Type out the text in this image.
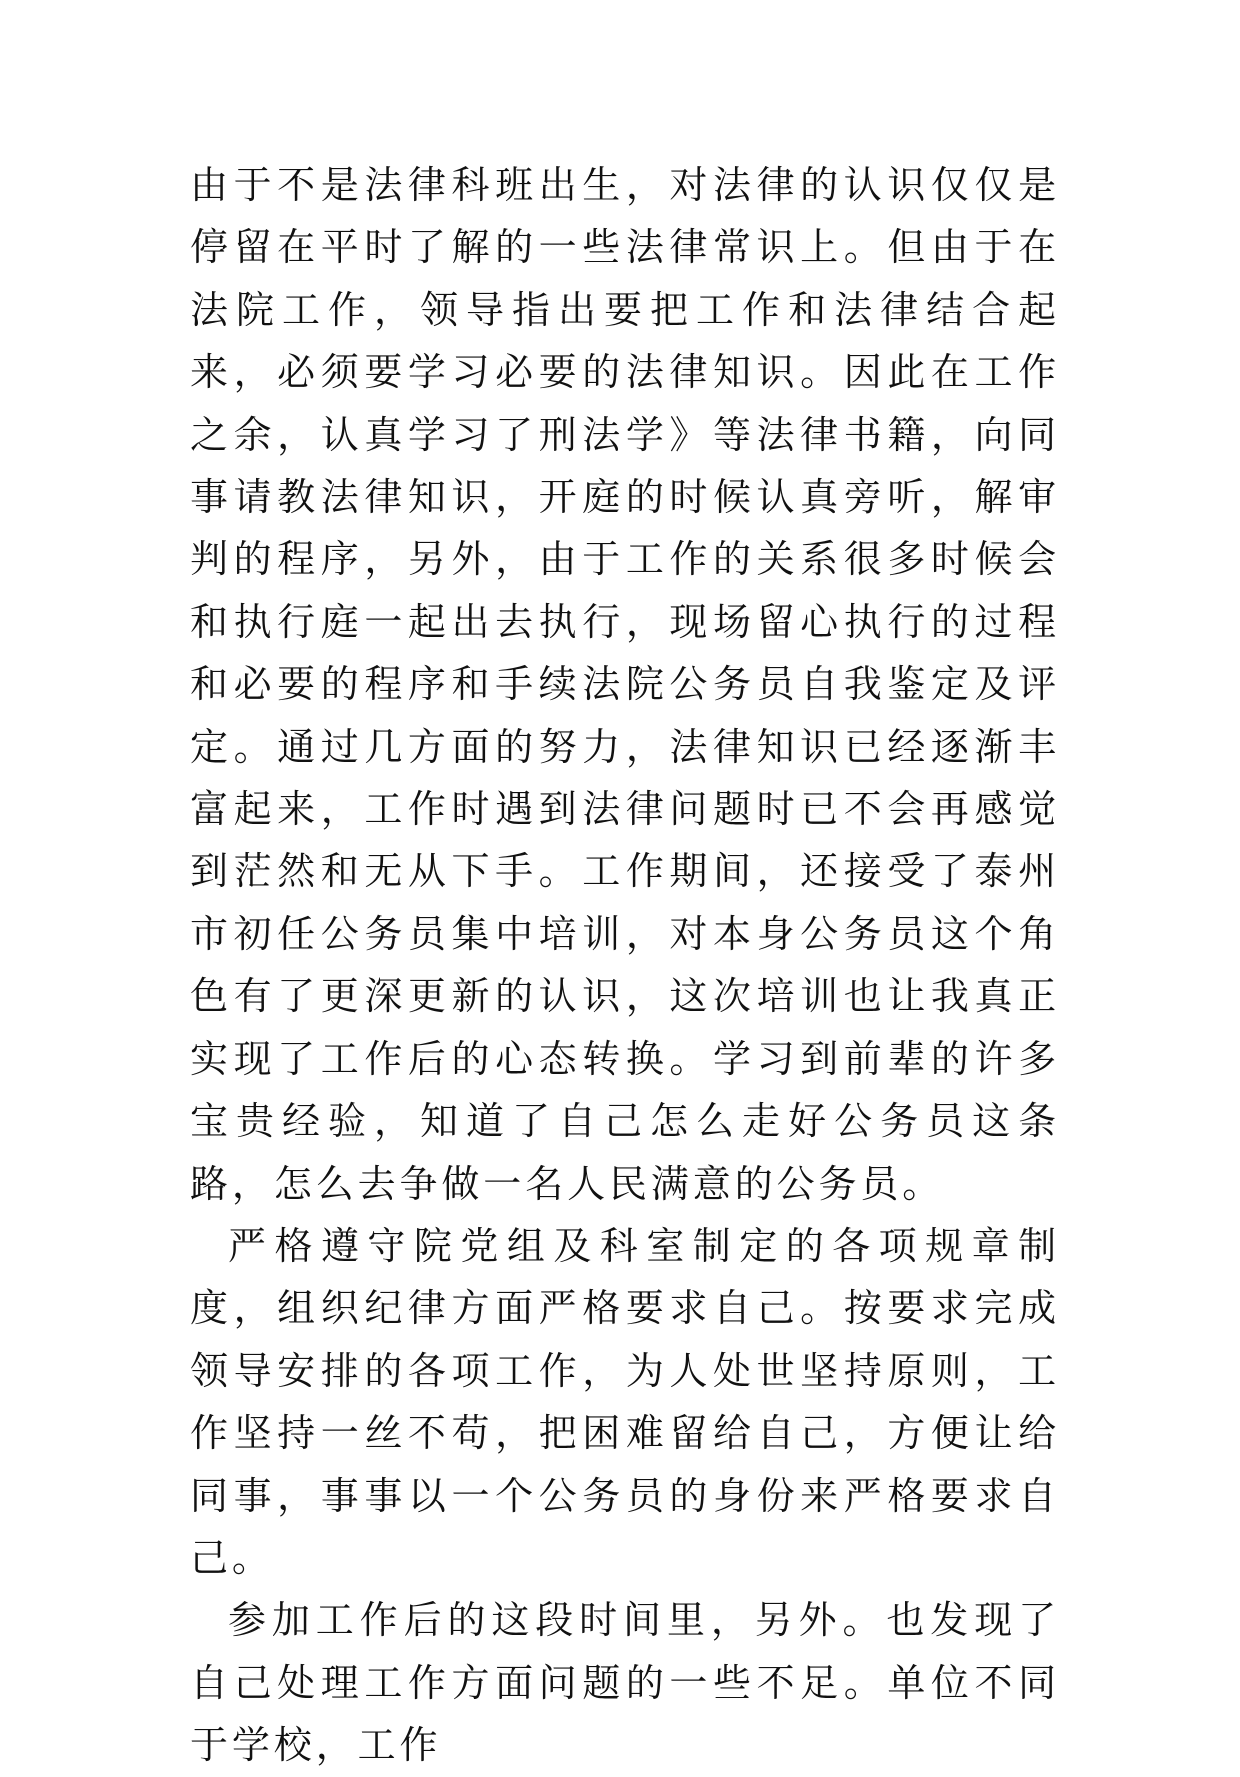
由于不是法律科班出生，对法律的认识仅仅是停留在平时了解的一些法律常识上。但由于在法院工作，领导指出要把工作和法律结合起来，必须要学习必要的法律知识。因此在工作之余，认真学习了刑法学》等法律书籍，向同事请教法律知识，开庭的时候认真旁听，解审判的程序，另外，由于工作的关系很多时候会和执行庭一起出去执行，现场留心执行的过程和必要的程序和手续法院公务员自我鉴定及评定。通过几方面的努力，法律知识已经逐渐丰富起来，工作时遇到法律问题时已不会再感觉到茫然和无从下手。工作期间，还接受了泰州市初任公务员集中培训，对本身公务员这个角色有了更深更新的认识，这次培训也让我真正实现了工作后的心态转换。学习到前辈的许多宝贵经验，知道了自己怎么走好公务员这条路，怎么去争做一名人民满意的公务员。

严格遵守院党组及科室制定的各项规章制度，组织纪律方面严格要求自己。按要求完成领导安排的各项工作，为人处世坚持原则，工作坚持一丝不苟，把困难留给自己，方便让给同事，事事以一个公务员的身份来严格要求自己。

参加工作后的这段时间里，另外。也发现了自己处理工作方面问题的一些不足。单位不同于学校，工作
